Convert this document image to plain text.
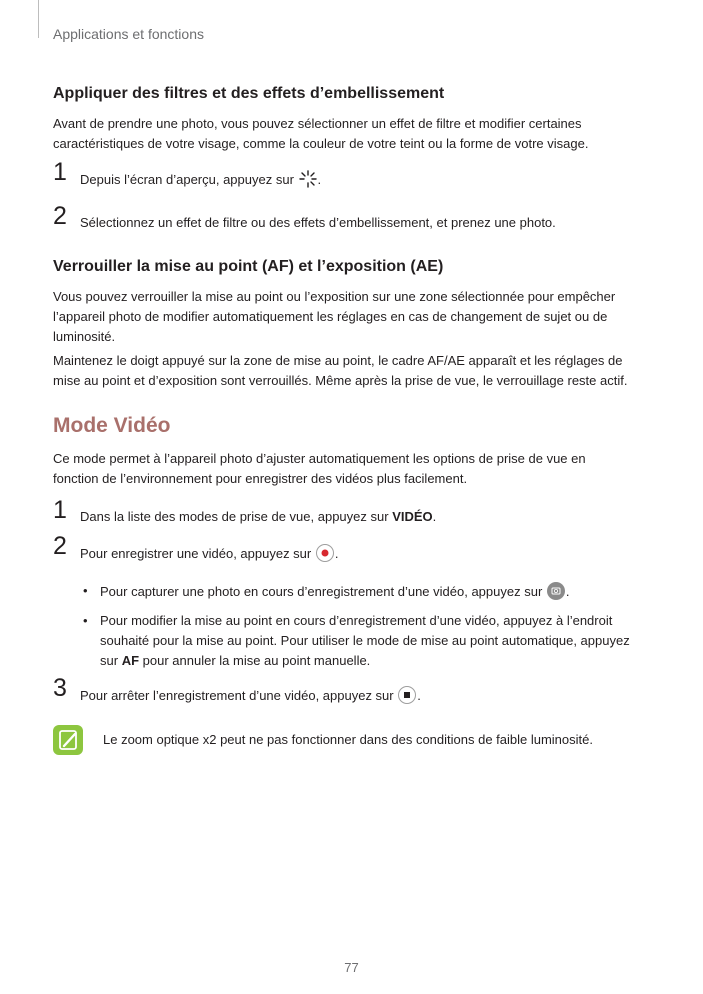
Applications et fonctions
Appliquer des filtres et des effets d’embellissement
Avant de prendre une photo, vous pouvez sélectionner un effet de filtre et modifier certaines
caractéristiques de votre visage, comme la couleur de votre teint ou la forme de votre visage.
1 Depuis l’écran d’aperçu, appuyez sur .
2 Sélectionnez un effet de filtre ou des effets d’embellissement, et prenez une photo.
Verrouiller la mise au point (AF) et l’exposition (AE)
Vous pouvez verrouiller la mise au point ou l’exposition sur une zone sélectionnée pour empêcher
l’appareil photo de modifier automatiquement les réglages en cas de changement de sujet ou de
luminosité.
Maintenez le doigt appuyé sur la zone de mise au point, le cadre AF/AE apparaît et les réglages de
mise au point et d’exposition sont verrouillés. Même après la prise de vue, le verrouillage reste actif.
Mode Vidéo
Ce mode permet à l’appareil photo d’ajuster automatiquement les options de prise de vue en
fonction de l’environnement pour enregistrer des vidéos plus facilement.
1 Dans la liste des modes de prise de vue, appuyez sur VIDÉO.
2 Pour enregistrer une vidéo, appuyez sur .
• Pour capturer une photo en cours d’enregistrement d’une vidéo, appuyez sur .
• Pour modifier la mise au point en cours d’enregistrement d’une vidéo, appuyez à l’endroit
souhaité pour la mise au point. Pour utiliser le mode de mise au point automatique, appuyez
sur AF pour annuler la mise au point manuelle.
3 Pour arrêter l’enregistrement d’une vidéo, appuyez sur .
Le zoom optique x2 peut ne pas fonctionner dans des conditions de faible luminosité.
77
